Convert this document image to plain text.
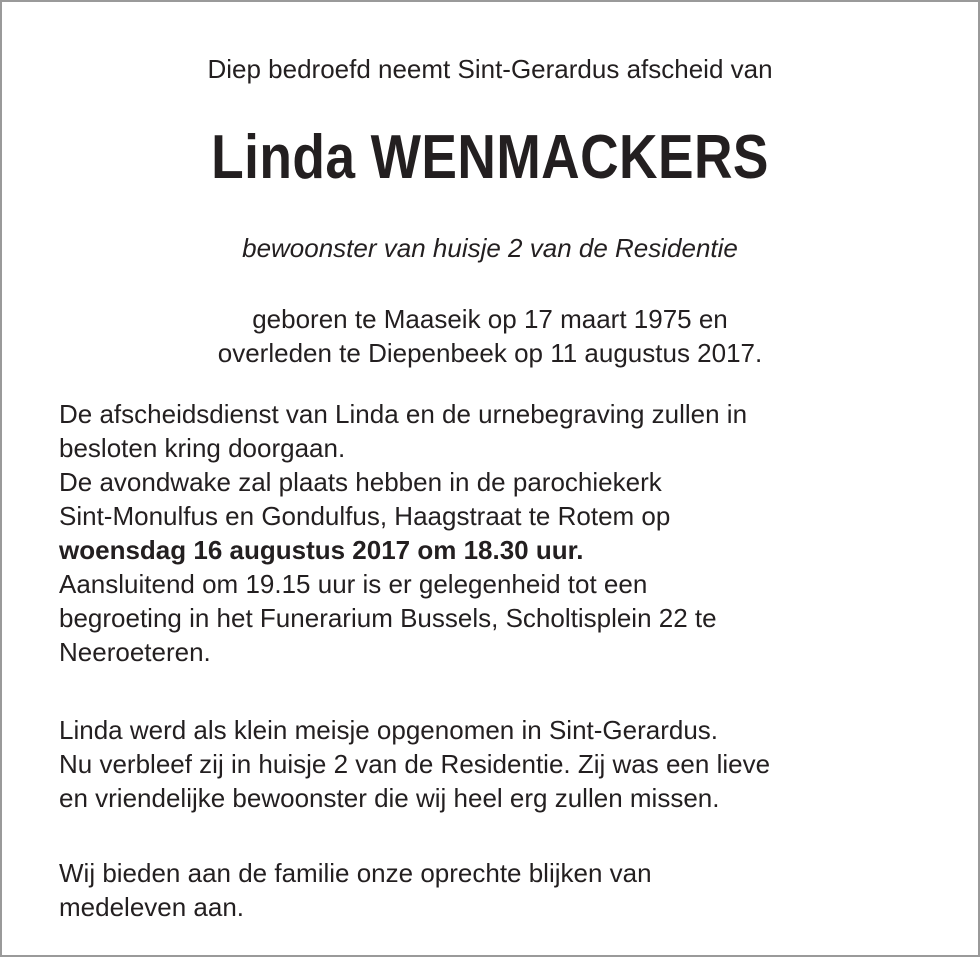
Diep bedroefd neemt Sint-Gerardus afscheid van
Linda WENMACKERS
bewoonster van huisje 2 van de Residentie
geboren te Maaseik op 17 maart 1975 en
overleden te Diepenbeek op 11 augustus 2017.
De afscheidsdienst van Linda en de urnebegraving zullen in
besloten kring doorgaan.
De avondwake zal plaats hebben in de parochiekerk
Sint-Monulfus en Gondulfus, Haagstraat te Rotem op
woensdag 16 augustus 2017 om 18.30 uur.
Aansluitend om 19.15 uur is er gelegenheid tot een
begroeting in het Funerarium Bussels, Scholtisplein 22 te
Neeroeteren.
Linda werd als klein meisje opgenomen in Sint-Gerardus.
Nu verbleef zij in huisje 2 van de Residentie. Zij was een lieve
en vriendelijke bewoonster die wij heel erg zullen missen.
Wij bieden aan de familie onze oprechte blijken van
medeleven aan.
